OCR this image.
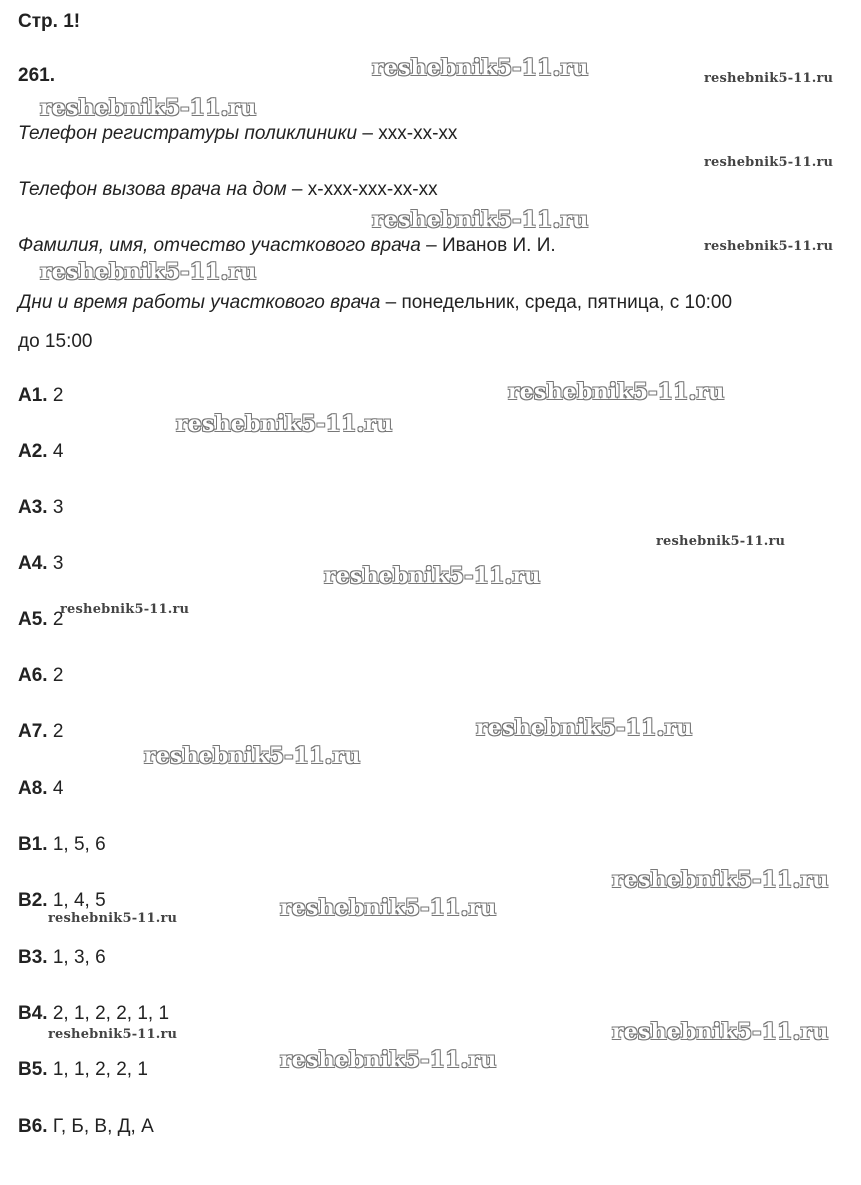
Стр. 1!
261.
Телефон регистратуры поликлиники – xxx-xx-xx
Телефон вызова врача на дом – x-xxx-xxx-xx-xx
Фамилия, имя, отчество участкового врача – Иванов И. И.
Дни и время работы участкового врача – понедельник, среда, пятница, с 10:00
до 15:00
А1. 2
А2. 4
А3. 3
А4. 3
А5. 2
А6. 2
А7. 2
А8. 4
В1. 1, 5, 6
В2. 1, 4, 5
В3. 1, 3, 6
В4. 2, 1, 2, 2, 1, 1
В5. 1, 1, 2, 2, 1
В6. Г, Б, В, Д, А
reshebnik5-11.ru	reshebnik5-11.ru
reshebnik5-11.ru
reshebnik5-11.ru
reshebnik5-11.ru
reshebnik5-11.ru
reshebnik5-11.ru
reshebnik5-11.ru
reshebnik5-11.ru
reshebnik5-11.ru
reshebnik5-11.ru
reshebnik5-11.ru
reshebnik5-11.ru
reshebnik5-11.ru
reshebnik5-11.ru
reshebnik5-11.ru
reshebnik5-11.ru
reshebnik5-11.ru
reshebnik5-11.ru
reshebnik5-11.ru
